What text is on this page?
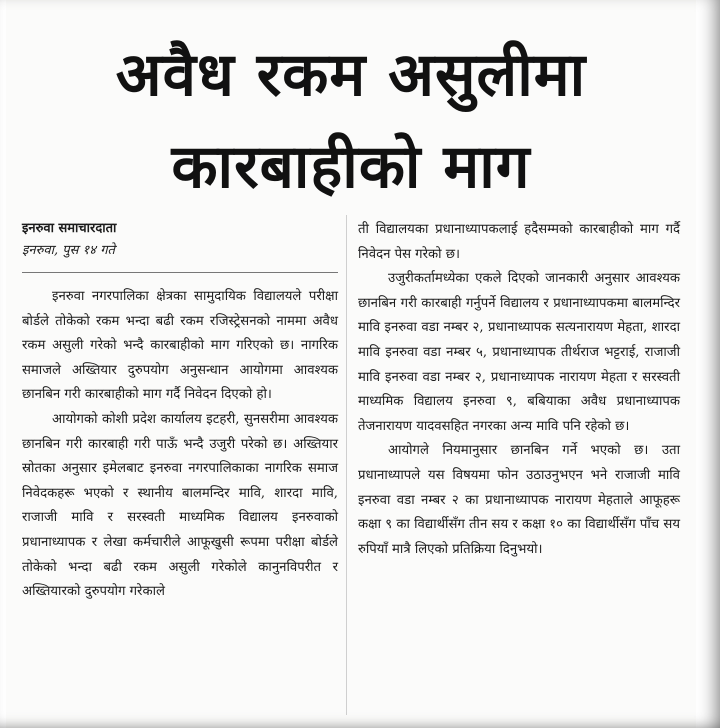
अवैध रकम असुलीमा
कारबाहीको माग
इनरुवा समाचारदाता
इनरुवा, पुस १४ गते

इनरुवा नगरपालिका क्षेत्रका सामुदायिक विद्यालयले परीक्षा बोर्डले तोकेको रकम भन्दा बढी रकम रजिस्ट्रेसनको नाममा अवैध रकम असुली गरेको भन्दै कारबाहीको माग गरिएको छ। नागरिक समाजले अख्तियार दुरुपयोग अनुसन्धान आयोगमा आवश्यक छानबिन गरी कारबाहीको माग गर्दै निवेदन दिएको हो।

आयोगको कोशी प्रदेश कार्यालय इटहरी, सुनसरीमा आवश्यक छानबिन गरी कारबाही गरी पाऊँ भन्दै उजुरी परेको छ। अख्तियार स्रोतका अनुसार इमेलबाट इनरुवा नगरपालिकाका नागरिक समाज निवेदकहरू भएको र स्थानीय बालमन्दिर मावि, शारदा मावि, राजाजी मावि र सरस्वती माध्यमिक विद्यालय इनरुवाको प्रधानाध्यापक र लेखा कर्मचारीले आफूखुसी रूपमा परीक्षा बोर्डले तोकेको भन्दा बढी रकम असुली गरेकोले कानुनविपरीत र अख्तियारको दुरुपयोग गरेकाले

ती विद्यालयका प्रधानाध्यापकलाई हदैसम्मको कारबाहीको माग गर्दै निवेदन पेस गरेको छ।

उजुरीकर्तामध्येका एकले दिएको जानकारी अनुसार आवश्यक छानबिन गरी कारबाही गर्नुपर्ने विद्यालय र प्रधानाध्यापकमा बालमन्दिर मावि इनरुवा वडा नम्बर २, प्रधानाध्यापक सत्यनारायण मेहता, शारदा मावि इनरुवा वडा नम्बर ५, प्रधानाध्यापक तीर्थराज भट्टराई, राजाजी मावि इनरुवा वडा नम्बर २, प्रधानाध्यापक नारायण मेहता र सरस्वती माध्यमिक विद्यालय इनरुवा ९, बबियाका अवैध प्रधानाध्यापक तेजनारायण यादवसहित नगरका अन्य मावि पनि रहेको छ।

आयोगले नियमानुसार छानबिन गर्ने भएको छ। उता प्रधानाध्यापले यस विषयमा फोन उठाउनुभएन भने राजाजी मावि इनरुवा वडा नम्बर २ का प्रधानाध्यापक नारायण मेहताले आफूहरू कक्षा ९ का विद्यार्थीसँग तीन सय र कक्षा १० का विद्यार्थीसँग पाँच सय रुपियाँ मात्रै लिएको प्रतिक्रिया दिनुभयो।
